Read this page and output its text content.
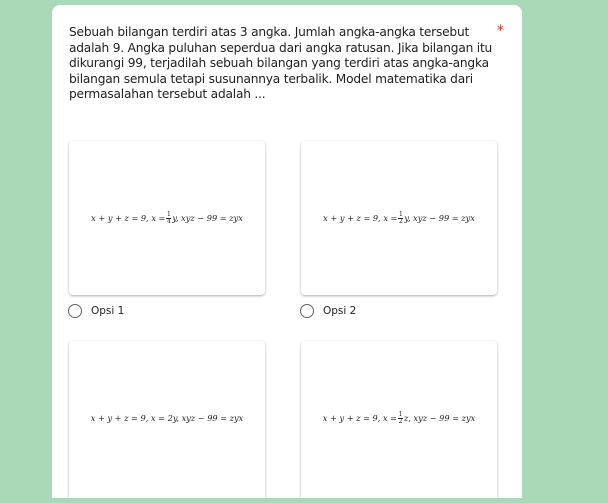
Sebuah bilangan terdiri atas 3 angka. Jumlah angka-angka tersebut adalah 9. Angka puluhan seperdua dari angka ratusan. Jika bilangan itu dikurangi 99, terjadilah sebuah bilangan yang terdiri atas angka-angka bilangan semula tetapi susunannya terbalik. Model matematika dari permasalahan tersebut adalah ...
*
x + y + z = 9, $x = \frac{1}{4} y$, xyz − 99 = zyx
Opsi 1
x + y + z = 9, $x = \frac{1}{2} y$, xyz − 99 = zyx
Opsi 2
x + y + z = 9, x = 2y, xyz − 99 = zyx	x + y + z = 9, $x = \frac{1}{2} z$, xyz − 99 = zyx
